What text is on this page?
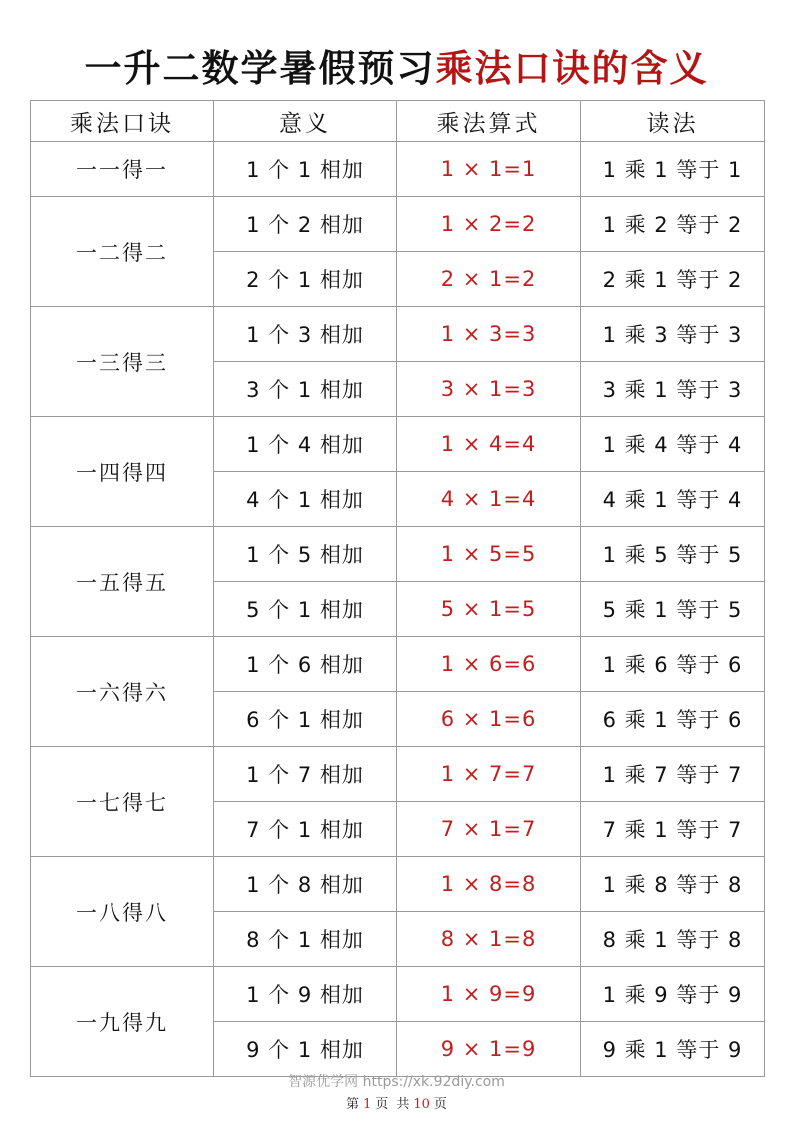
一升二数学暑假预习乘法口诀的含义
乘法口诀	意义	乘法算式	读法
一一得一	1 个 1 相加	1 × 1=1	1 乘 1 等于 1
一二得二	1 个 2 相加	1 × 2=2	1 乘 2 等于 2
	2 个 1 相加	2 × 1=2	2 乘 1 等于 2
一三得三	1 个 3 相加	1 × 3=3	1 乘 3 等于 3
	3 个 1 相加	3 × 1=3	3 乘 1 等于 3
一四得四	1 个 4 相加	1 × 4=4	1 乘 4 等于 4
	4 个 1 相加	4 × 1=4	4 乘 1 等于 4
一五得五	1 个 5 相加	1 × 5=5	1 乘 5 等于 5
	5 个 1 相加	5 × 1=5	5 乘 1 等于 5
一六得六	1 个 6 相加	1 × 6=6	1 乘 6 等于 6
	6 个 1 相加	6 × 1=6	6 乘 1 等于 6
一七得七	1 个 7 相加	1 × 7=7	1 乘 7 等于 7
	7 个 1 相加	7 × 1=7	7 乘 1 等于 7
一八得八	1 个 8 相加	1 × 8=8	1 乘 8 等于 8
	8 个 1 相加	8 × 1=8	8 乘 1 等于 8
一九得九	1 个 9 相加	1 × 9=9	1 乘 9 等于 9
	9 个 1 相加	9 × 1=9	9 乘 1 等于 9
智源优学网 https://xk.92diy.com
第 1 页 共 10 页
